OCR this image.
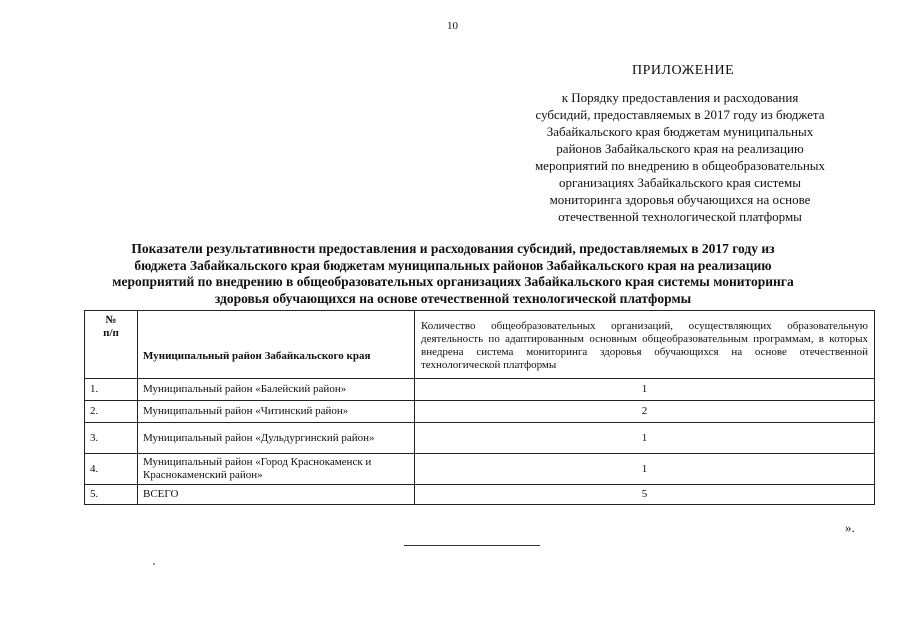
10
ПРИЛОЖЕНИЕ
к Порядку предоставления и расходования
субсидий, предоставляемых в 2017 году из бюджета
Забайкальского края бюджетам муниципальных
районов Забайкальского края на реализацию
мероприятий по внедрению в общеобразовательных
организациях Забайкальского края системы
мониторинга здоровья обучающихся на основе
отечественной технологической платформы
Показатели результативности предоставления и расходования субсидий, предоставляемых в 2017 году из
бюджета Забайкальского края бюджетам муниципальных районов Забайкальского края на реализацию
мероприятий по внедрению в общеобразовательных организациях Забайкальского края системы мониторинга
здоровья обучающихся на основе отечественной технологической платформы
№
п/п	Муниципальный район Забайкальского края	Количество общеобразовательных организаций, осуществляющих образовательную деятельность по адаптированным основным общеобразовательным программам, в которых внедрена система мониторинга здоровья обучающихся на основе отечественной технологической платформы
1.	Муниципальный район «Балейский район»	1
2.	Муниципальный район «Читинский район»	2
3.	Муниципальный район «Дульдургинский район»	1
4.	Муниципальный район «Город Краснокаменск и Краснокаменский район»	1
5.	ВСЕГО	5
».
